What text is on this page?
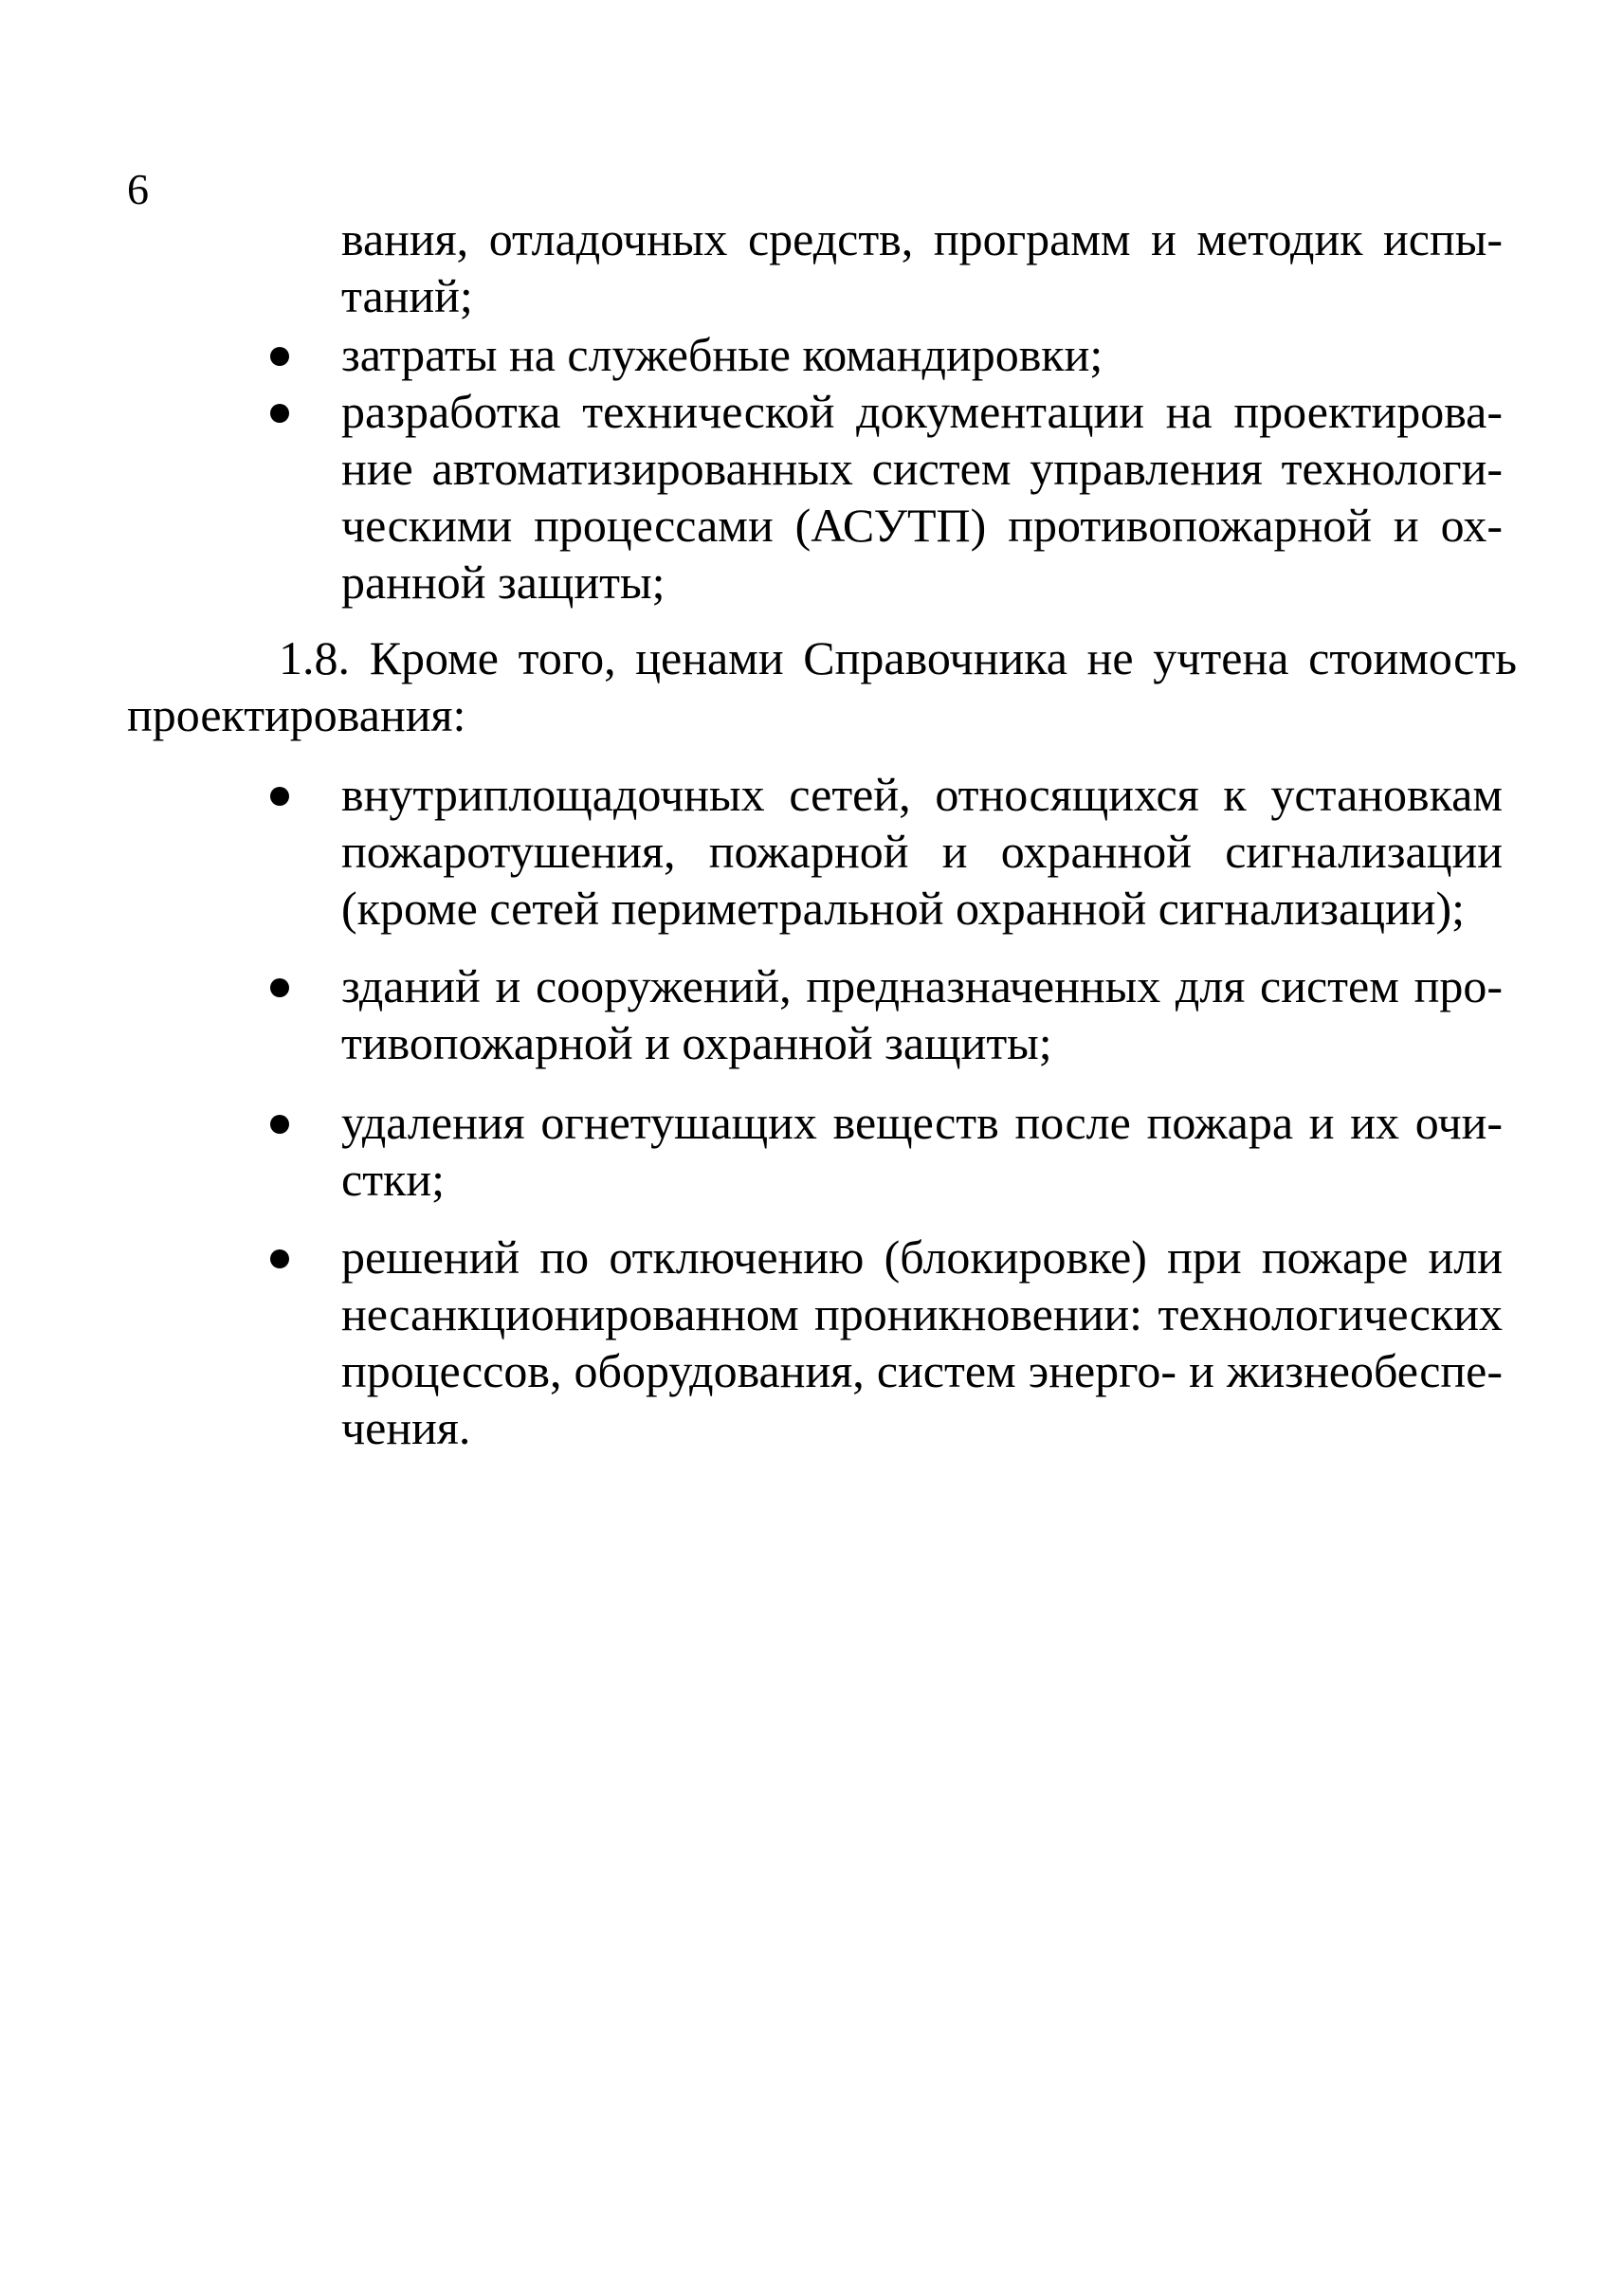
6
вания, отладочных средств, программ и методик испы-
таний;
затраты на служебные командировки;
разработка технической документации на проектирова-
ние автоматизированных систем управления технологи-
ческими процессами (АСУТП) противопожарной и ох-
ранной защиты;
1.8. Кроме того, ценами Справочника не учтена стоимость
проектирования:
внутриплощадочных сетей, относящихся к установкам
пожаротушения, пожарной и охранной сигнализации
(кроме сетей периметральной охранной сигнализации);
зданий и сооружений, предназначенных для систем про-
тивопожарной и охранной защиты;
удаления огнетушащих веществ после пожара и их очи-
стки;
решений по отключению (блокировке) при пожаре или
несанкционированном проникновении: технологических
процессов, оборудования, систем энерго- и жизнеобеспе-
чения.
